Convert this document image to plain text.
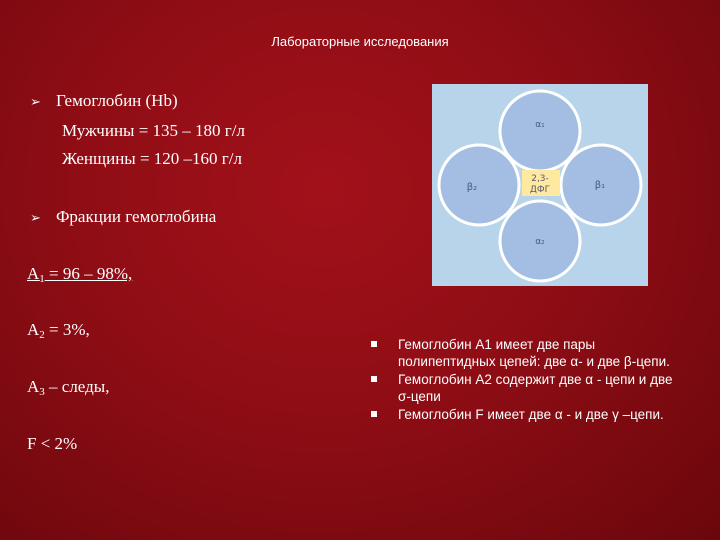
Лабораторные исследования
➢ Гемоглобин (Hb)
Мужчины = 135 – 180 г/л
Женщины = 120 –160 г/л
➢ Фракции гемоглобина
$A_1 = 96 - 98\%$,
$A_2 = 3\%$,
$A_3$ – следы,
F < 2%
α₁
β₂	β₁
α₂
2,3-
ДФГ
Гемоглобин А1 имеет две пары полипептидных цепей: две α- и две β-цепи.
Гемоглобин А2 содержит две α - цепи и две σ-цепи
Гемоглобин F имеет две α - и две γ –цепи.
